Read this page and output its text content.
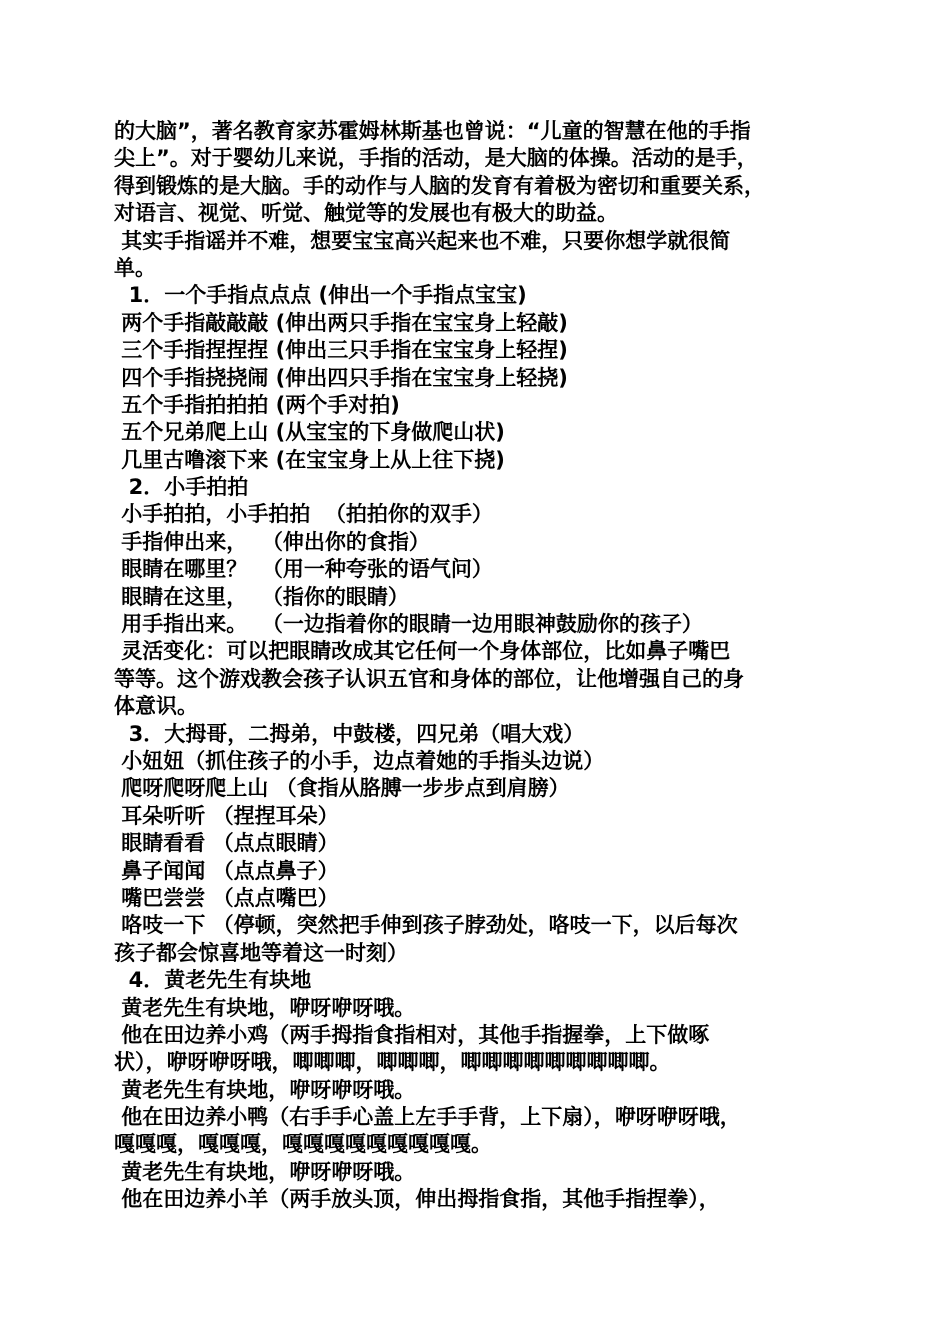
的大脑”，著名教育家苏霍姆林斯基也曾说：“儿童的智慧在他的手指
尖上”。对于婴幼儿来说，手指的活动，是大脑的体操。活动的是手，
得到锻炼的是大脑。手的动作与人脑的发育有着极为密切和重要关系，
对语言、视觉、听觉、触觉等的发展也有极大的助益。
其实手指谣并不难，想要宝宝高兴起来也不难，只要你想学就很简
单。
1．一个手指点点点 (伸出一个手指点宝宝)
两个手指敲敲敲 (伸出两只手指在宝宝身上轻敲)
三个手指捏捏捏 (伸出三只手指在宝宝身上轻捏)
四个手指挠挠闹 (伸出四只手指在宝宝身上轻挠)
五个手指拍拍拍 (两个手对拍)
五个兄弟爬上山 (从宝宝的下身做爬山状)
几里古噜滚下来 (在宝宝身上从上往下挠)
2．小手拍拍
小手拍拍，小手拍拍  （拍拍你的双手）
手指伸出来，  （伸出你的食指）
眼睛在哪里？  （用一种夸张的语气问）
眼睛在这里，  （指你的眼睛）
用手指出来。  （一边指着你的眼睛一边用眼神鼓励你的孩子）
灵活变化：可以把眼睛改成其它任何一个身体部位，比如鼻子嘴巴
等等。这个游戏教会孩子认识五官和身体的部位，让他增强自己的身
体意识。
3．大拇哥，二拇弟，中鼓楼，四兄弟（唱大戏）
小妞妞（抓住孩子的小手，边点着她的手指头边说）
爬呀爬呀爬上山 （食指从胳膊一步步点到肩膀）
耳朵听听 （捏捏耳朵）
眼睛看看 （点点眼睛）
鼻子闻闻 （点点鼻子）
嘴巴尝尝 （点点嘴巴）
咯吱一下 （停顿，突然把手伸到孩子脖劲处，咯吱一下，以后每次
孩子都会惊喜地等着这一时刻）
4．黄老先生有块地
黄老先生有块地，咿呀咿呀哦。
他在田边养小鸡（两手拇指食指相对，其他手指握拳，上下做啄
状），咿呀咿呀哦，唧唧唧，唧唧唧，唧唧唧唧唧唧唧唧唧。
黄老先生有块地，咿呀咿呀哦。
他在田边养小鸭（右手手心盖上左手手背，上下扇），咿呀咿呀哦，
嘎嘎嘎，嘎嘎嘎，嘎嘎嘎嘎嘎嘎嘎嘎嘎。
黄老先生有块地，咿呀咿呀哦。
他在田边养小羊（两手放头顶，伸出拇指食指，其他手指捏拳），
